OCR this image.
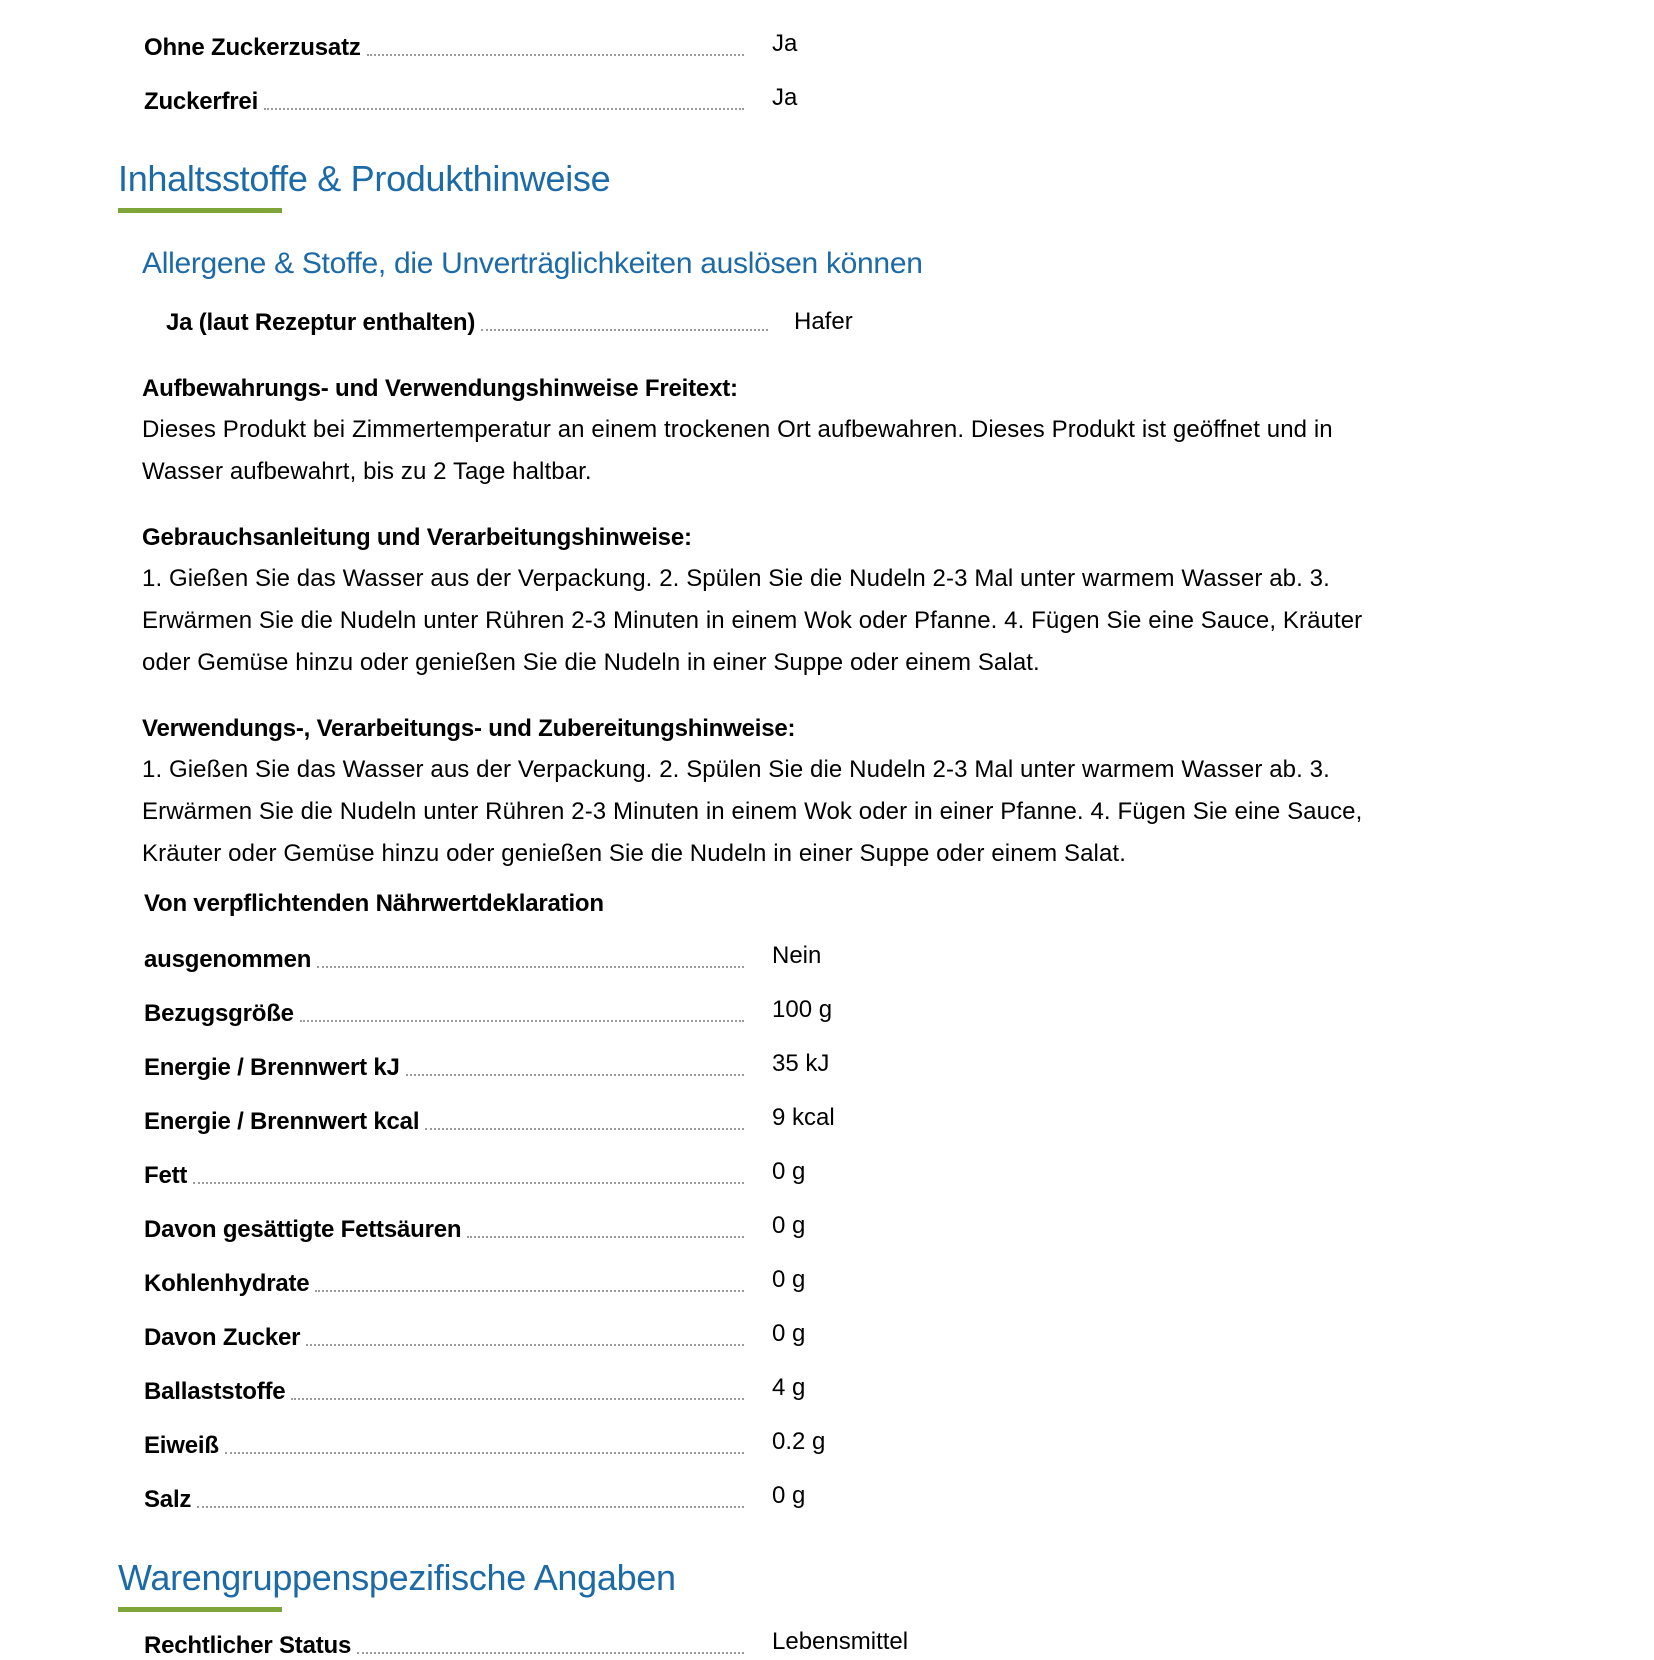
Ohne Zuckerzusatz	Ja
Zuckerfrei	Ja
Inhaltsstoffe & Produkthinweise
Allergene & Stoffe, die Unverträglichkeiten auslösen können
Ja (laut Rezeptur enthalten)	Hafer
Aufbewahrungs- und Verwendungshinweise Freitext:
Dieses Produkt bei Zimmertemperatur an einem trockenen Ort aufbewahren. Dieses Produkt ist geöffnet und in Wasser aufbewahrt, bis zu 2 Tage haltbar.
Gebrauchsanleitung und Verarbeitungshinweise:
1. Gießen Sie das Wasser aus der Verpackung. 2. Spülen Sie die Nudeln 2-3 Mal unter warmem Wasser ab. 3. Erwärmen Sie die Nudeln unter Rühren 2-3 Minuten in einem Wok oder Pfanne. 4. Fügen Sie eine Sauce, Kräuter oder Gemüse hinzu oder genießen Sie die Nudeln in einer Suppe oder einem Salat.
Verwendungs-, Verarbeitungs- und Zubereitungshinweise:
1. Gießen Sie das Wasser aus der Verpackung. 2. Spülen Sie die Nudeln 2-3 Mal unter warmem Wasser ab. 3. Erwärmen Sie die Nudeln unter Rühren 2-3 Minuten in einem Wok oder in einer Pfanne. 4. Fügen Sie eine Sauce, Kräuter oder Gemüse hinzu oder genießen Sie die Nudeln in einer Suppe oder einem Salat.
Von verpflichtenden Nährwertdeklaration
ausgenommen	Nein
Bezugsgröße	100 g
Energie / Brennwert kJ	35 kJ
Energie / Brennwert kcal	9 kcal
Fett	0 g
Davon gesättigte Fettsäuren	0 g
Kohlenhydrate	0 g
Davon Zucker	0 g
Ballaststoffe	4 g
Eiweiß	0.2 g
Salz	0 g
Warengruppenspezifische Angaben
Rechtlicher Status	Lebensmittel
